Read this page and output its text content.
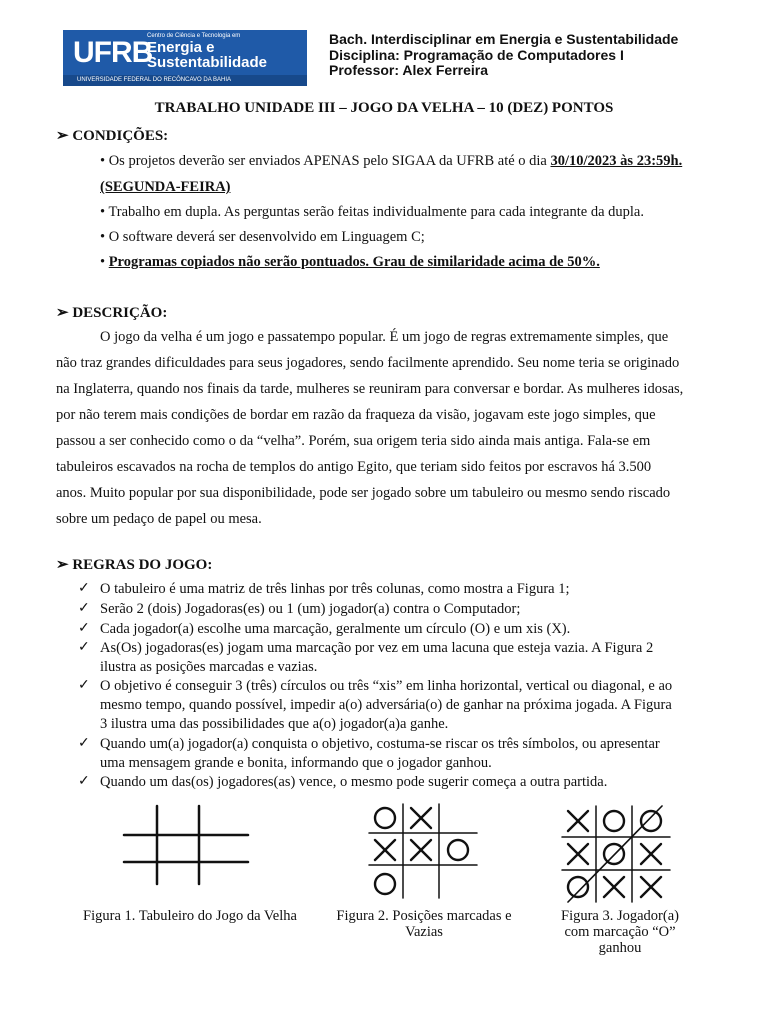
UFRB
Centro de Ciência e Tecnologia em
Energia e
Sustentabilidade
UNIVERSIDADE FEDERAL DO RECÔNCAVO DA BAHIA
Bach. Interdisciplinar em Energia e Sustentabilidade
Disciplina: Programação de Computadores I
Professor: Alex Ferreira
TRABALHO UNIDADE III – JOGO DA VELHA – 10 (DEZ) PONTOS
➢ CONDIÇÕES:
• Os projetos deverão ser enviados APENAS pelo SIGAA da UFRB até o dia 30/10/2023 às 23:59h.
(SEGUNDA-FEIRA)
• Trabalho em dupla. As perguntas serão feitas individualmente para cada integrante da dupla.
• O software deverá ser desenvolvido em Linguagem C;
• Programas copiados não serão pontuados. Grau de similaridade acima de 50%.
➢ DESCRIÇÃO:
O jogo da velha é um jogo e passatempo popular. É um jogo de regras extremamente simples, que
não traz grandes dificuldades para seus jogadores, sendo facilmente aprendido. Seu nome teria se originado
na Inglaterra, quando nos finais da tarde, mulheres se reuniram para conversar e bordar. As mulheres idosas,
por não terem mais condições de bordar em razão da fraqueza da visão, jogavam este jogo simples, que
passou a ser conhecido como o da “velha”. Porém, sua origem teria sido ainda mais antiga. Fala-se em
tabuleiros escavados na rocha de templos do antigo Egito, que teriam sido feitos por escravos há 3.500
anos. Muito popular por sua disponibilidade, pode ser jogado sobre um tabuleiro ou mesmo sendo riscado
sobre um pedaço de papel ou mesa.
➢ REGRAS DO JOGO:
✓ O tabuleiro é uma matriz de três linhas por três colunas, como mostra a Figura 1;
✓ Serão 2 (dois) Jogadoras(es) ou 1 (um) jogador(a) contra o Computador;
✓ Cada jogador(a) escolhe uma marcação, geralmente um círculo (O) e um xis (X).
✓ As(Os) jogadoras(es) jogam uma marcação por vez em uma lacuna que esteja vazia. A Figura 2
ilustra as posições marcadas e vazias.
✓ O objetivo é conseguir 3 (três) círculos ou três “xis” em linha horizontal, vertical ou diagonal, e ao
mesmo tempo, quando possível, impedir a(o) adversária(o) de ganhar na próxima jogada. A Figura
3 ilustra uma das possibilidades que a(o) jogador(a)a ganhe.
✓ Quando um(a) jogador(a) conquista o objetivo, costuma-se riscar os três símbolos, ou apresentar
uma mensagem grande e bonita, informando que o jogador ganhou.
✓ Quando um das(os) jogadores(as) vence, o mesmo pode sugerir começa a outra partida.
Figura 1. Tabuleiro do Jogo da Velha	Figura 2. Posições marcadas e
Vazias
Figura 3. Jogador(a)
com marcação “O”
ganhou
